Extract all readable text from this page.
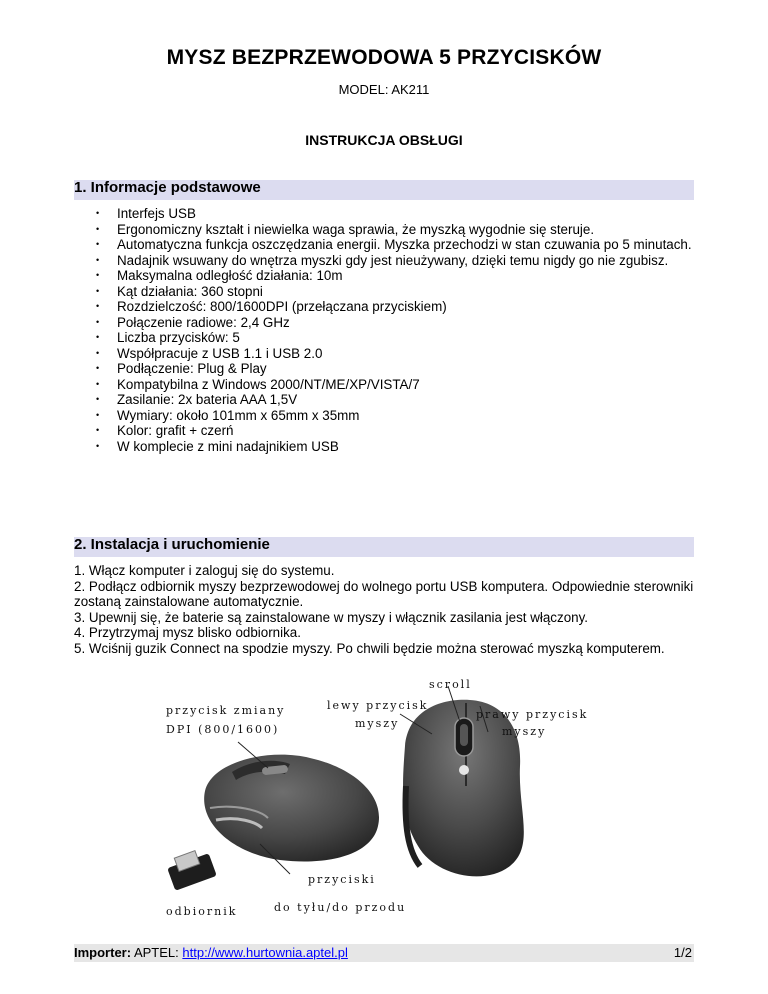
MYSZ BEZPRZEWODOWA 5 PRZYCISKÓW
MODEL: AK211
INSTRUKCJA OBSŁUGI
1. Informacje podstawowe
• Interfejs USB
• Ergonomiczny kształt i niewielka waga sprawia, że myszką wygodnie się steruje.
• Automatyczna funkcja oszczędzania energii. Myszka przechodzi w stan czuwania po 5 minutach.
• Nadajnik wsuwany do wnętrza myszki gdy jest nieużywany, dzięki temu nigdy go nie zgubisz.
• Maksymalna odległość działania: 10m
• Kąt działania: 360 stopni
• Rozdzielczość: 800/1600DPI (przełączana przyciskiem)
• Połączenie radiowe: 2,4 GHz
• Liczba przycisków: 5
• Współpracuje z USB 1.1 i USB 2.0
• Podłączenie: Plug & Play
• Kompatybilna z Windows 2000/NT/ME/XP/VISTA/7
• Zasilanie: 2x bateria AAA 1,5V
• Wymiary: około 101mm x 65mm x 35mm
• Kolor: grafit + czerń
• W komplecie z mini nadajnikiem USB
2. Instalacja i uruchomienie
1. Włącz komputer i zaloguj się do systemu.
2. Podłącz odbiornik myszy bezprzewodowej do wolnego portu USB komputera. Odpowiednie sterowniki zostaną zainstalowane automatycznie.
3. Upewnij się, że baterie są zainstalowane w myszy i włącznik zasilania jest włączony.
4. Przytrzymaj mysz blisko odbiornika.
5. Wciśnij guzik Connect na spodzie myszy. Po chwili będzie można sterować myszką komputerem.
scroll
przycisk zmiany
DPI (800/1600)
lewy przycisk
myszy
prawy przycisk
myszy
odbiornik
przyciski
do tyłu/do przodu
Importer: APTEL: http://www.hurtownia.aptel.pl	1/2
